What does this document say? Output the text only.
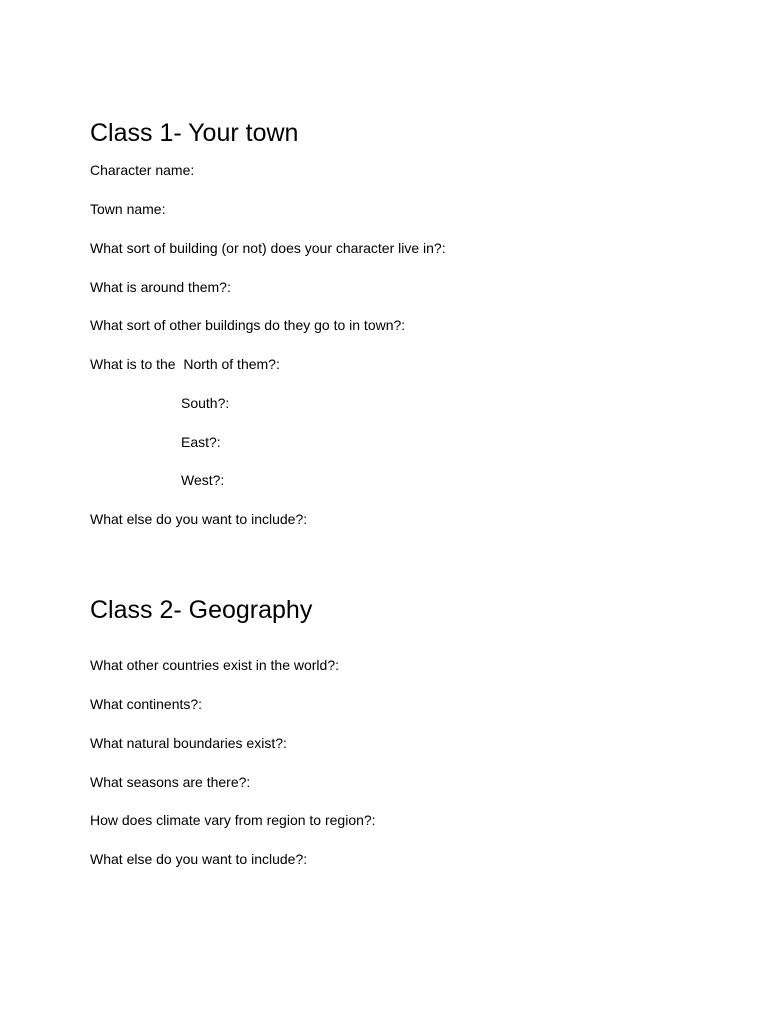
Class 1- Your town

Character name:

Town name:

What sort of building (or not) does your character live in?:

What is around them?:

What sort of other buildings do they go to in town?:

What is to the  North of them?:

South?:

East?:

West?:

What else do you want to include?:

Class 2- Geography

What other countries exist in the world?:

What continents?:

What natural boundaries exist?:

What seasons are there?:

How does climate vary from region to region?:

What else do you want to include?:
